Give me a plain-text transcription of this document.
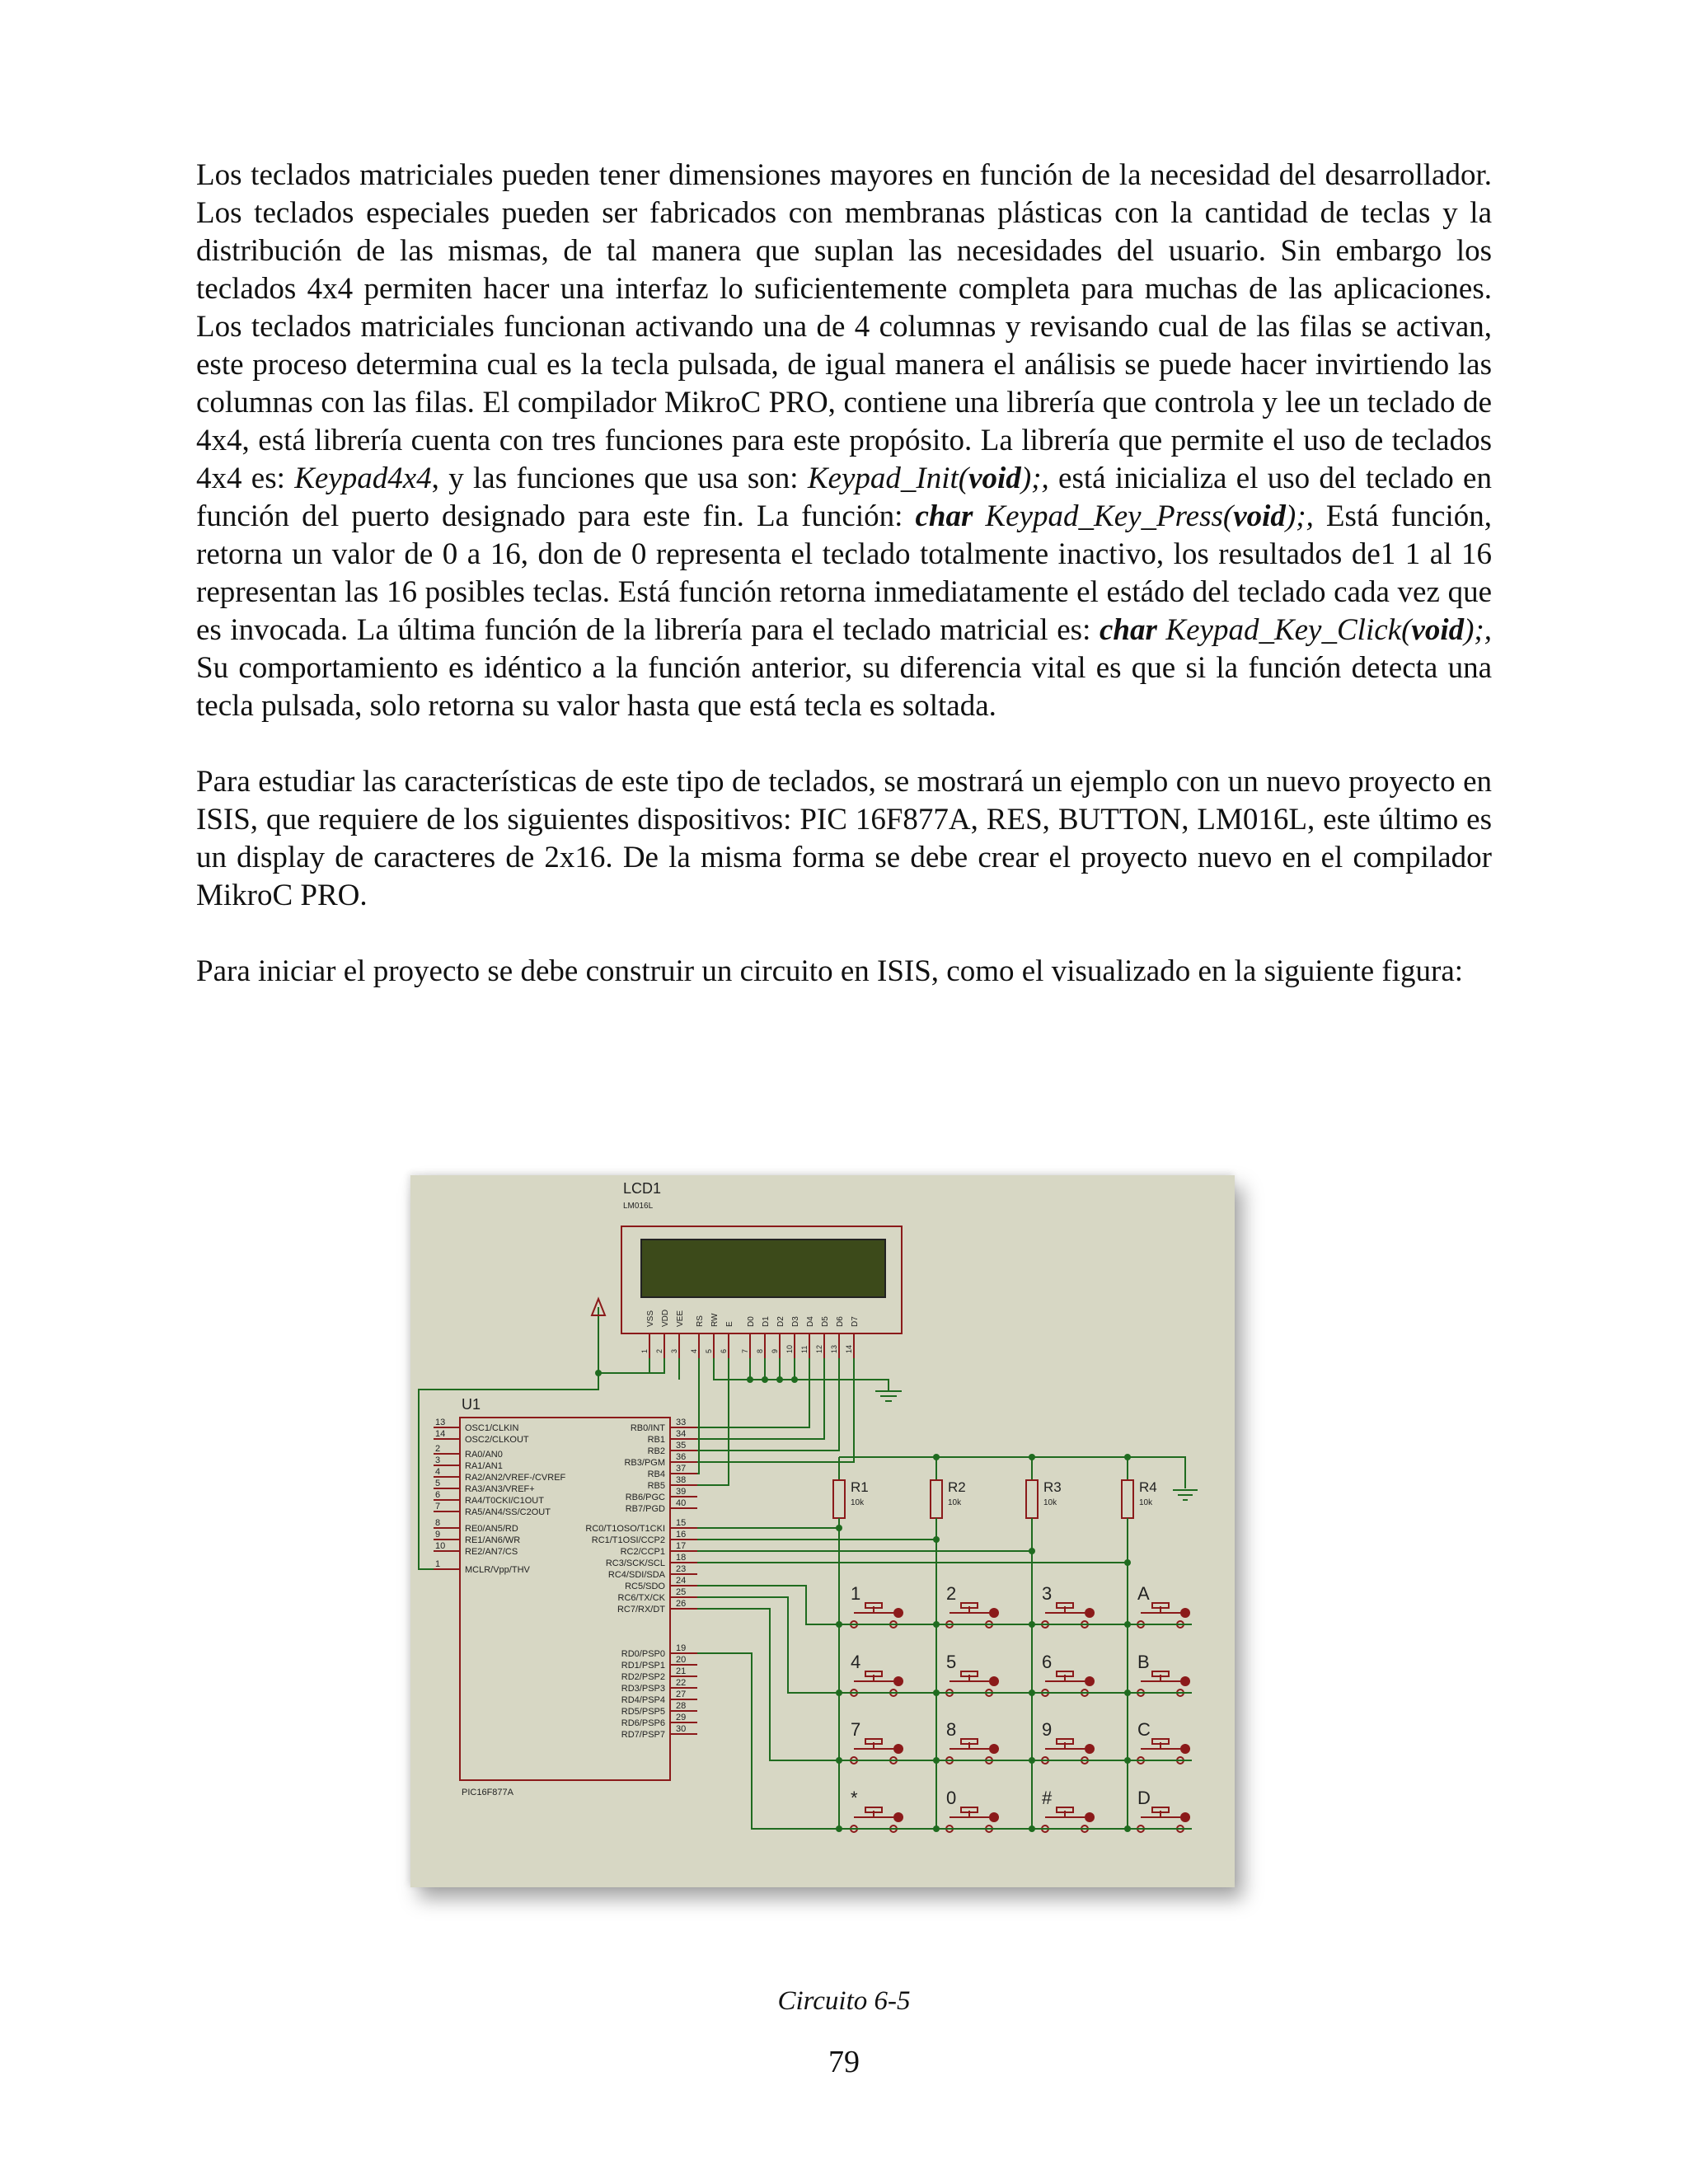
Los teclados matriciales pueden tener dimensiones mayores en función de la necesidad del desarrollador. Los teclados especiales pueden ser fabricados con membranas plásticas con la cantidad de teclas y la distribución de las mismas, de tal manera que suplan las necesidades del usuario. Sin embargo los teclados 4x4 permiten hacer una interfaz lo suficientemente completa para muchas de las aplicaciones. Los teclados matriciales funcionan activando una de 4 columnas y revisando cual de las filas se activan, este proceso determina cual es la tecla pulsada, de igual manera el análisis se puede hacer invirtiendo las columnas con las filas. El compilador MikroC PRO, contiene una librería que controla y lee un teclado de 4x4, está librería cuenta con tres funciones para este propósito. La librería que permite el uso de teclados 4x4 es: Keypad4x4, y las funciones que usa son: Keypad_Init(void);, está inicializa el uso del teclado en función del puerto designado para este fin. La función: char Keypad_Key_Press(void);, Está función, retorna un valor de 0 a 16, don de 0 representa el teclado totalmente inactivo, los resultados de1 1 al 16 representan las 16 posibles teclas. Está función retorna inmediatamente el estádo del teclado cada vez que es invocada. La última función de la librería para el teclado matricial es: char Keypad_Key_Click(void);, Su comportamiento es idéntico a la función anterior, su diferencia vital es que si la función detecta una tecla pulsada, solo retorna su valor hasta que está tecla es soltada.

Para estudiar las características de este tipo de teclados, se mostrará un ejemplo con un nuevo proyecto en ISIS, que requiere de los siguientes dispositivos: PIC 16F877A, RES, BUTTON, LM016L, este último es un display de caracteres de 2x16. De la misma forma se debe crear el proyecto nuevo en el compilador MikroC PRO.

Para iniciar el proyecto se debe construir un circuito en ISIS, como el visualizado en la siguiente figura:

LCD1
LM016L
VSS
1
VDD
2
VEE
3
RS
4
RW
5
E
6
D0
7
D1
8
D2
9
D3
10
D4
11
D5
12
D6
13
D7
14
U1
PIC16F877A
13
OSC1/CLKIN
14
OSC2/CLKOUT
2
RA0/AN0
3
RA1/AN1
4
RA2/AN2/VREF-/CVREF
5
RA3/AN3/VREF+
6
RA4/T0CKI/C1OUT
7
RA5/AN4/SS/C2OUT
8
RE0/AN5/RD
9
RE1/AN6/WR
10
RE2/AN7/CS
1
MCLR/Vpp/THV
33
RB0/INT
34
RB1
35
RB2
36
RB3/PGM
37
RB4
38
RB5
39
RB6/PGC
40
RB7/PGD
15
RC0/T1OSO/T1CKI
16
RC1/T1OSI/CCP2
17
RC2/CCP1
18
RC3/SCK/SCL
23
RC4/SDI/SDA
24
RC5/SDO
25
RC6/TX/CK
26
RC7/RX/DT
19
RD0/PSP0
20
RD1/PSP1
21
RD2/PSP2
22
RD3/PSP3
27
RD4/PSP4
28
RD5/PSP5
29
RD6/PSP6
30
RD7/PSP7
R1
10k
R2
10k
R3
10k
R4
10k
1	2	3	A
4	5	6	B
7	8	9	C
*	0	#	D
Circuito 6-5
79
